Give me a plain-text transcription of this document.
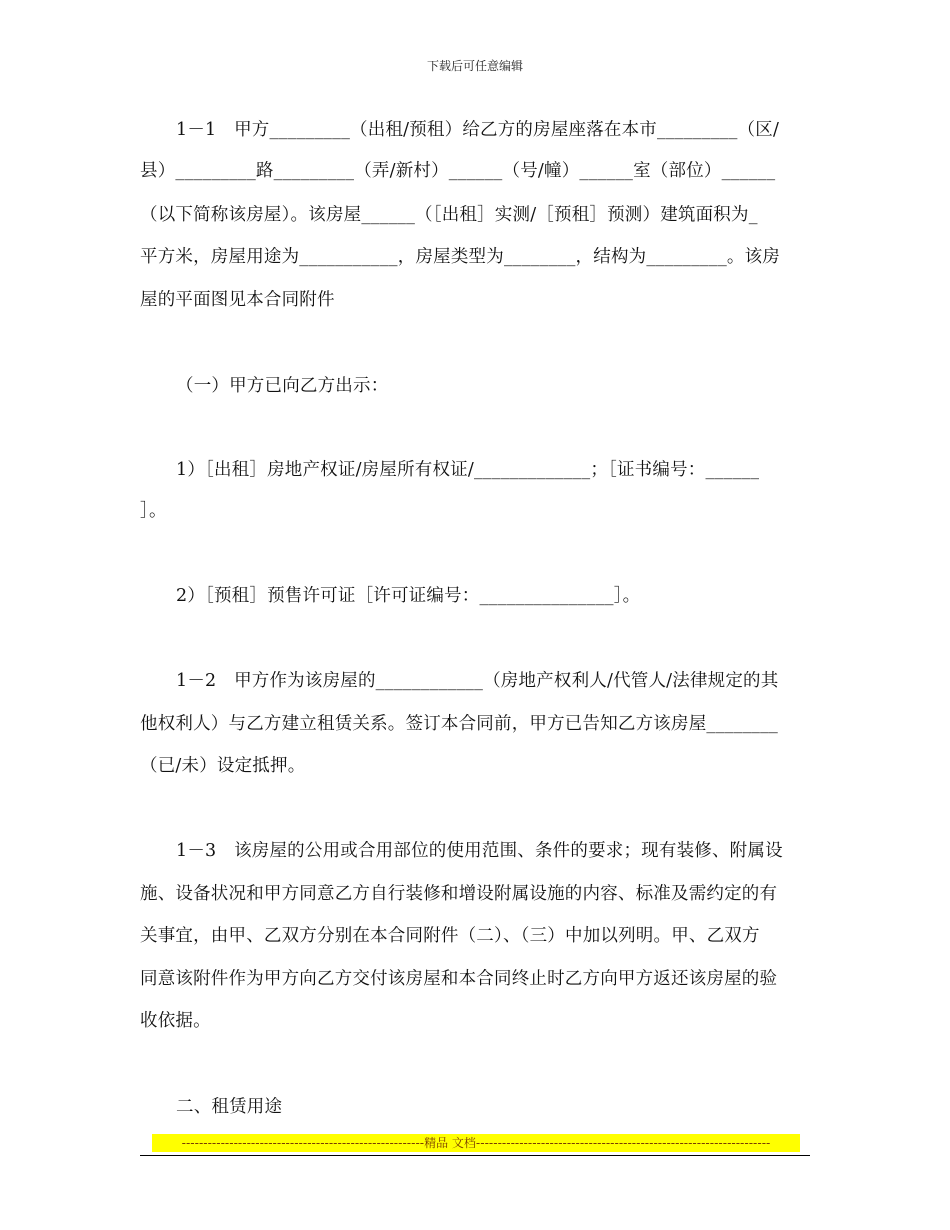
下载后可任意编辑
1－1　甲方_________（出租/预租）给乙方的房屋座落在本市_________（区/
县）_________路_________（弄/新村）______（号/幢）______室（部位）______
（以下简称该房屋）。该房屋______（［出租］实测/［预租］预测）建筑面积为_
平方米，房屋用途为___________，房屋类型为________，结构为_________。该房
屋的平面图见本合同附件
（一）甲方已向乙方出示：
1）［出租］房地产权证/房屋所有权证/_____________；［证书编号：______
］。
2）［预租］预售许可证［许可证编号：_______________］。
1－2　甲方作为该房屋的____________（房地产权利人/代管人/法律规定的其
他权利人）与乙方建立租赁关系。签订本合同前，甲方已告知乙方该房屋________
（已/未）设定抵押。
1－3　该房屋的公用或合用部位的使用范围、条件的要求；现有装修、附属设
施、设备状况和甲方同意乙方自行装修和增设附属设施的内容、标准及需约定的有
关事宜，由甲、乙双方分别在本合同附件（二）、（三）中加以列明。甲、乙双方
同意该附件作为甲方向乙方交付该房屋和本合同终止时乙方向甲方返还该房屋的验
收依据。
二、租赁用途
--------------------------------------------------------精品 文档--------------------------------------------------------------------
